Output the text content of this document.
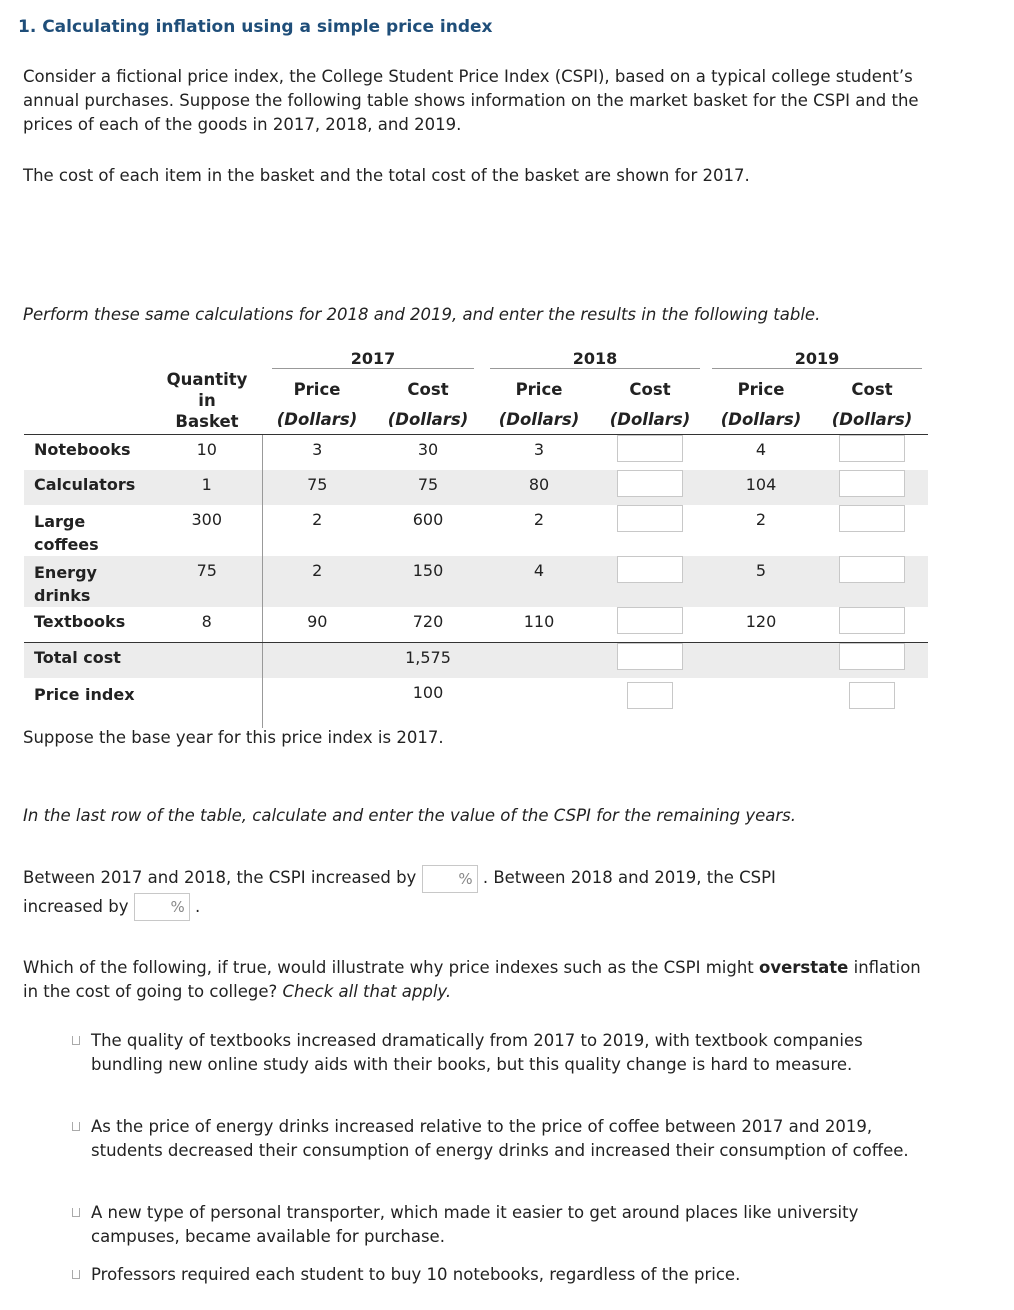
1. Calculating inflation using a simple price index
Consider a fictional price index, the College Student Price Index (CSPI), based on a typical college student’s annual purchases. Suppose the following table shows information on the market basket for the CSPI and the prices of each of the goods in 2017, 2018, and 2019.
The cost of each item in the basket and the total cost of the basket are shown for 2017.
Perform these same calculations for 2018 and 2019, and enter the results in the following table.

	Quantity
in
Basket	2017		2018		2019	

		Price	Cost	Price	Cost	Price	Cost
		(Dollars)	(Dollars)	(Dollars)	(Dollars)	(Dollars)	(Dollars)
Notebooks	10	3	30	3		4	
Calculators	1	75	75	80		104	
Large coffees	300	2	600	2		2	
Energy drinks	75	2	150	4		5	
Textbooks	8	90	720	110		120	
Total cost			1,575				
Price index			100				
Suppose the base year for this price index is 2017.
In the last row of the table, calculate and enter the value of the CSPI for the remaining years.
Between 2017 and 2018, the CSPI increased by	% . Between 2018 and 2019, the CSPI
increased by	% .
Which of the following, if true, would illustrate why price indexes such as the CSPI might overstate inflation in the cost of going to college? Check all that apply.
The quality of textbooks increased dramatically from 2017 to 2019, with textbook companies bundling new online study aids with their books, but this quality change is hard to measure.
As the price of energy drinks increased relative to the price of coffee between 2017 and 2019, students decreased their consumption of energy drinks and increased their consumption of coffee.
A new type of personal transporter, which made it easier to get around places like university campuses, became available for purchase.
Professors required each student to buy 10 notebooks, regardless of the price.
